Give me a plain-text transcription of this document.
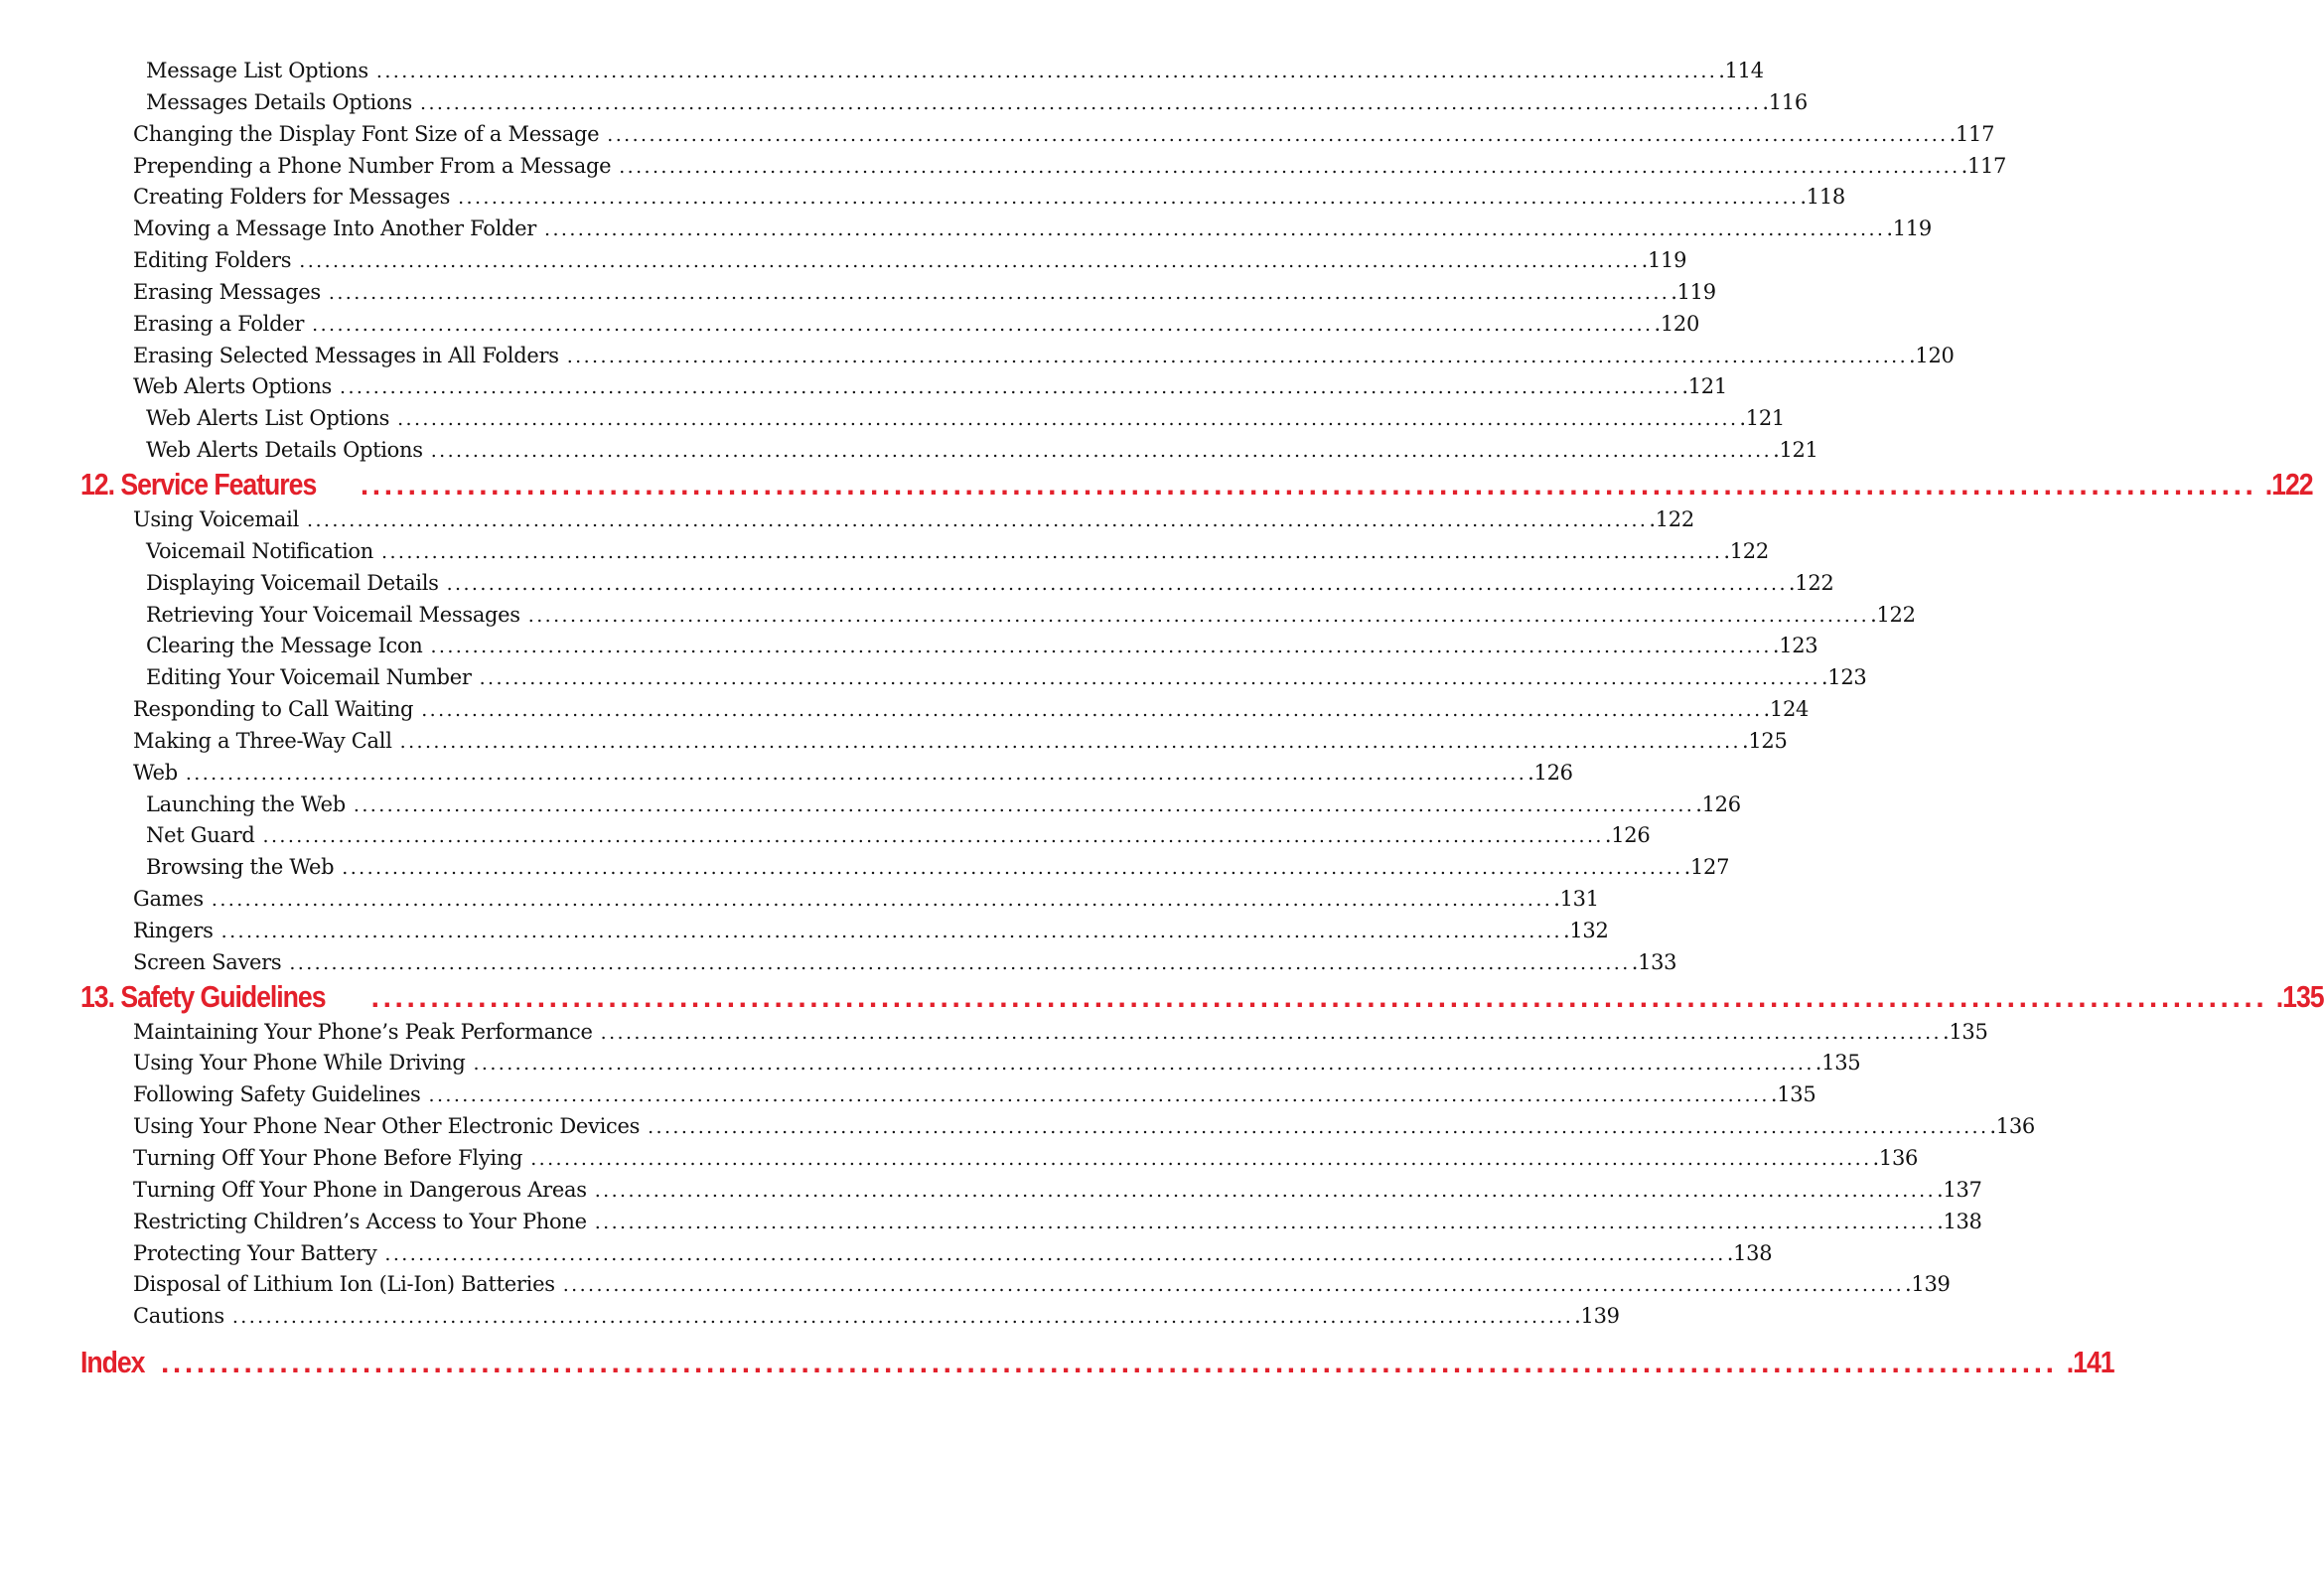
Message List Options ................................................................................................................................................................ .114
Messages Details Options ................................................................................................................................................................ .116
Changing the Display Font Size of a Message ................................................................................................................................................................ .117
Prepending a Phone Number From a Message ................................................................................................................................................................ .117
Creating Folders for Messages ................................................................................................................................................................ .118
Moving a Message Into Another Folder ................................................................................................................................................................ .119
Editing Folders ................................................................................................................................................................ .119
Erasing Messages ................................................................................................................................................................ .119
Erasing a Folder ................................................................................................................................................................ .120
Erasing Selected Messages in All Folders ................................................................................................................................................................ .120
Web Alerts Options ................................................................................................................................................................ .121
Web Alerts List Options ................................................................................................................................................................ .121
Web Alerts Details Options ................................................................................................................................................................ .121
12. Service Features ................................................................................................................................................................ .122
Using Voicemail ................................................................................................................................................................ .122
Voicemail Notification ................................................................................................................................................................ .122
Displaying Voicemail Details ................................................................................................................................................................ .122
Retrieving Your Voicemail Messages ................................................................................................................................................................ .122
Clearing the Message Icon ................................................................................................................................................................ .123
Editing Your Voicemail Number ................................................................................................................................................................ .123
Responding to Call Waiting ................................................................................................................................................................ .124
Making a Three-Way Call ................................................................................................................................................................ .125
Web ................................................................................................................................................................ .126
Launching the Web ................................................................................................................................................................ .126
Net Guard ................................................................................................................................................................ .126
Browsing the Web ................................................................................................................................................................ .127
Games ................................................................................................................................................................ .131
Ringers ................................................................................................................................................................ .132
Screen Savers ................................................................................................................................................................ .133
13. Safety Guidelines ................................................................................................................................................................ .135
Maintaining Your Phone’s Peak Performance ................................................................................................................................................................ .135
Using Your Phone While Driving ................................................................................................................................................................ .135
Following Safety Guidelines ................................................................................................................................................................ .135
Using Your Phone Near Other Electronic Devices ................................................................................................................................................................ .136
Turning Off Your Phone Before Flying ................................................................................................................................................................ .136
Turning Off Your Phone in Dangerous Areas ................................................................................................................................................................ .137
Restricting Children’s Access to Your Phone ................................................................................................................................................................ .138
Protecting Your Battery ................................................................................................................................................................ .138
Disposal of Lithium Ion (Li-Ion) Batteries ................................................................................................................................................................ .139
Cautions ................................................................................................................................................................ .139
Index ................................................................................................................................................................ .141
